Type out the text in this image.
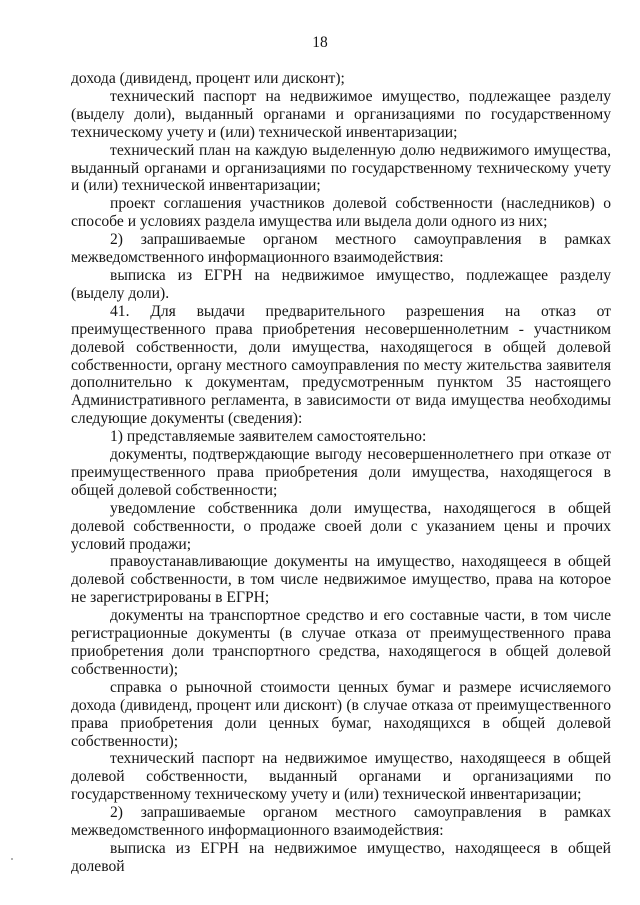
18

дохода (дивиденд, процент или дисконт);

технический паспорт на недвижимое имущество, подлежащее разделу (выделу доли), выданный органами и организациями по государственному техническому учету и (или) технической инвентаризации;

технический план на каждую выделенную долю недвижимого имущества, выданный органами и организациями по государственному техническому учету и (или) технической инвентаризации;

проект соглашения участников долевой собственности (наследников) о способе и условиях раздела имущества или выдела доли одного из них;

2) запрашиваемые органом местного самоуправления в рамках межведомственного информационного взаимодействия:

выписка из ЕГРН на недвижимое имущество, подлежащее разделу (выделу доли).

41. Для выдачи предварительного разрешения на отказ от преимущественного права приобретения несовершеннолетним - участником долевой собственности, доли имущества, находящегося в общей долевой собственности, органу местного самоуправления по месту жительства заявителя дополнительно к документам, предусмотренным пунктом 35 настоящего Административного регламента, в зависимости от вида имущества необходимы следующие документы (сведения):

1) представляемые заявителем самостоятельно:

документы, подтверждающие выгоду несовершеннолетнего при отказе от преимущественного права приобретения доли имущества, находящегося в общей долевой собственности;

уведомление собственника доли имущества, находящегося в общей долевой собственности, о продаже своей доли с указанием цены и прочих условий продажи;

правоустанавливающие документы на имущество, находящееся в общей долевой собственности, в том числе недвижимое имущество, права на которое не зарегистрированы в ЕГРН;

документы на транспортное средство и его составные части, в том числе регистрационные документы (в случае отказа от преимущественного права приобретения доли транспортного средства, находящегося в общей долевой собственности);

справка о рыночной стоимости ценных бумаг и размере исчисляемого дохода (дивиденд, процент или дисконт) (в случае отказа от преимущественного права приобретения доли ценных бумаг, находящихся в общей долевой собственности);

технический паспорт на недвижимое имущество, находящееся в общей долевой собственности, выданный органами и организациями по государственному техническому учету и (или) технической инвентаризации;

2) запрашиваемые органом местного самоуправления в рамках межведомственного информационного взаимодействия:

выписка из ЕГРН на недвижимое имущество, находящееся в общей долевой
